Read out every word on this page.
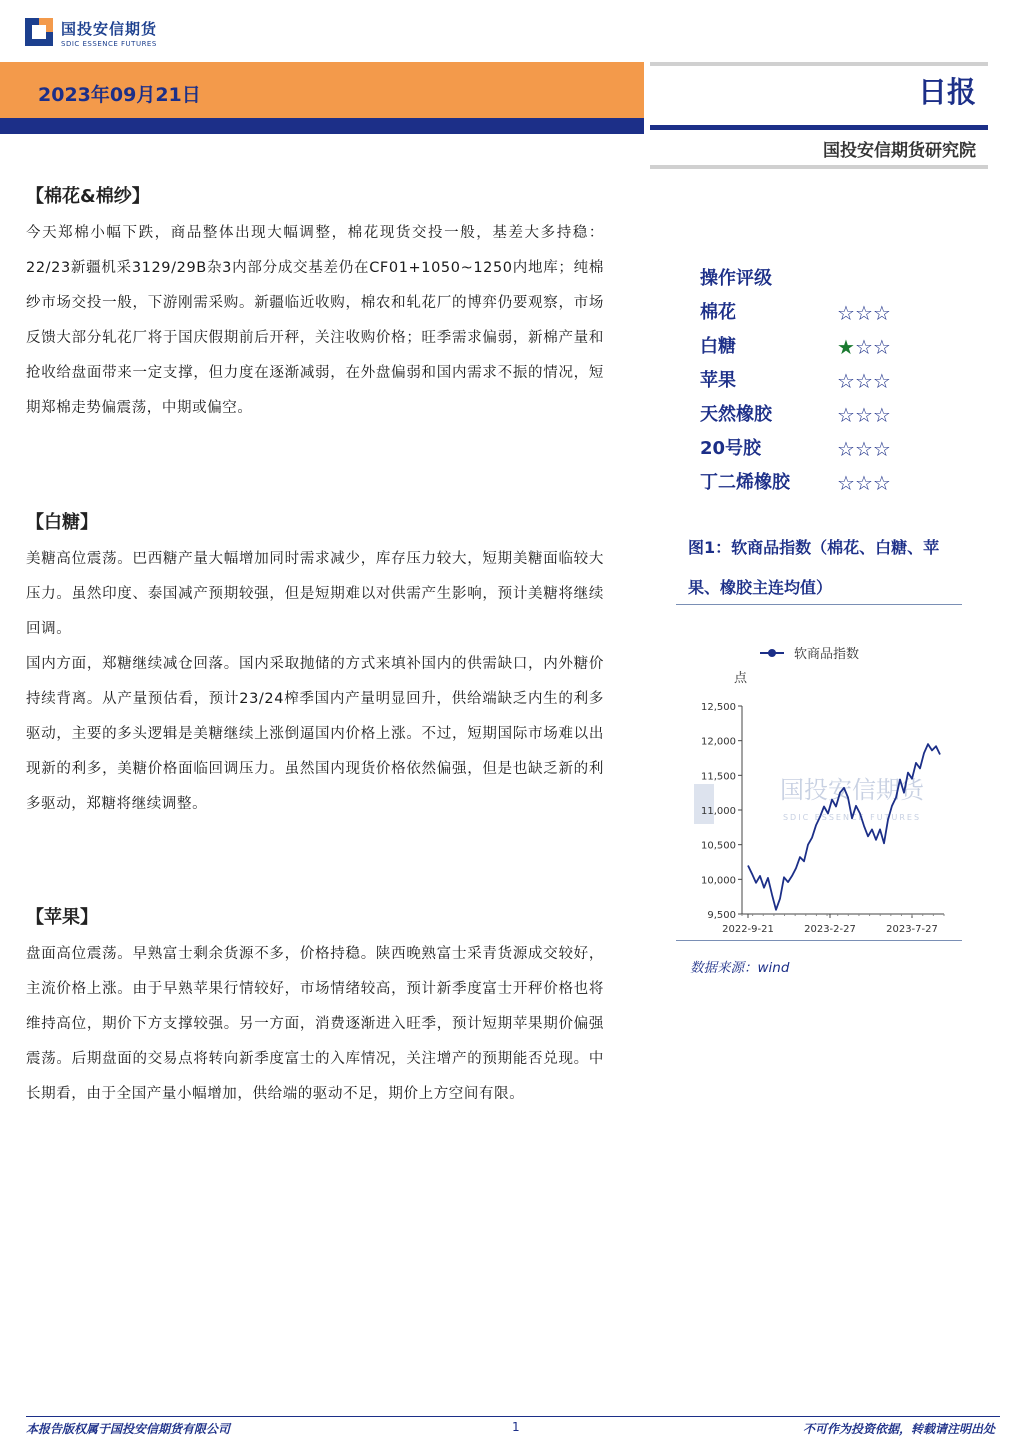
国投安信期货
SDIC ESSENCE FUTURES
2023年09月21日	日报
国投安信期货研究院
【棉花&棉纱】
今天郑棉小幅下跌，商品整体出现大幅调整，棉花现货交投一般，基差大多持稳：22/23新疆机采3129/29B杂3内部分成交基差仍在CF01+1050~1250内地库；纯棉纱市场交投一般，下游刚需采购。新疆临近收购，棉农和轧花厂的博弈仍要观察，市场反馈大部分轧花厂将于国庆假期前后开秤，关注收购价格；旺季需求偏弱，新棉产量和抢收给盘面带来一定支撑，但力度在逐渐减弱，在外盘偏弱和国内需求不振的情况，短期郑棉走势偏震荡，中期或偏空。
【白糖】
美糖高位震荡。巴西糖产量大幅增加同时需求减少，库存压力较大，短期美糖面临较大压力。虽然印度、泰国减产预期较强，但是短期难以对供需产生影响，预计美糖将继续回调。
国内方面，郑糖继续减仓回落。国内采取抛储的方式来填补国内的供需缺口，内外糖价持续背离。从产量预估看，预计23/24榨季国内产量明显回升，供给端缺乏内生的利多驱动，主要的多头逻辑是美糖继续上涨倒逼国内价格上涨。不过，短期国际市场难以出现新的利多，美糖价格面临回调压力。虽然国内现货价格依然偏强，但是也缺乏新的利多驱动，郑糖将继续调整。
【苹果】
盘面高位震荡。早熟富士剩余货源不多，价格持稳。陕西晚熟富士采青货源成交较好，主流价格上涨。由于早熟苹果行情较好，市场情绪较高，预计新季度富士开秤价格也将维持高位，期价下方支撑较强。另一方面，消费逐渐进入旺季，预计短期苹果期价偏强震荡。后期盘面的交易点将转向新季度富士的入库情况，关注增产的预期能否兑现。中长期看，由于全国产量小幅增加，供给端的驱动不足，期价上方空间有限。
操作评级
棉花	☆☆☆
白糖	★☆☆
苹果	☆☆☆
天然橡胶	☆☆☆
20号胶	☆☆☆
丁二烯橡胶 ☆☆☆
图1：软商品指数（棉花、白糖、苹果、橡胶主连均值）
国投安信期货
SDIC ESSENCE FUTURES
软商品指数
点
9,500
10,000
10,500
11,000
11,500
12,000
12,500
2022-9-21	2023-2-27	2023-7-27
数据来源：wind
本报告版权属于国投安信期货有限公司	1	不可作为投资依据，转载请注明出处
